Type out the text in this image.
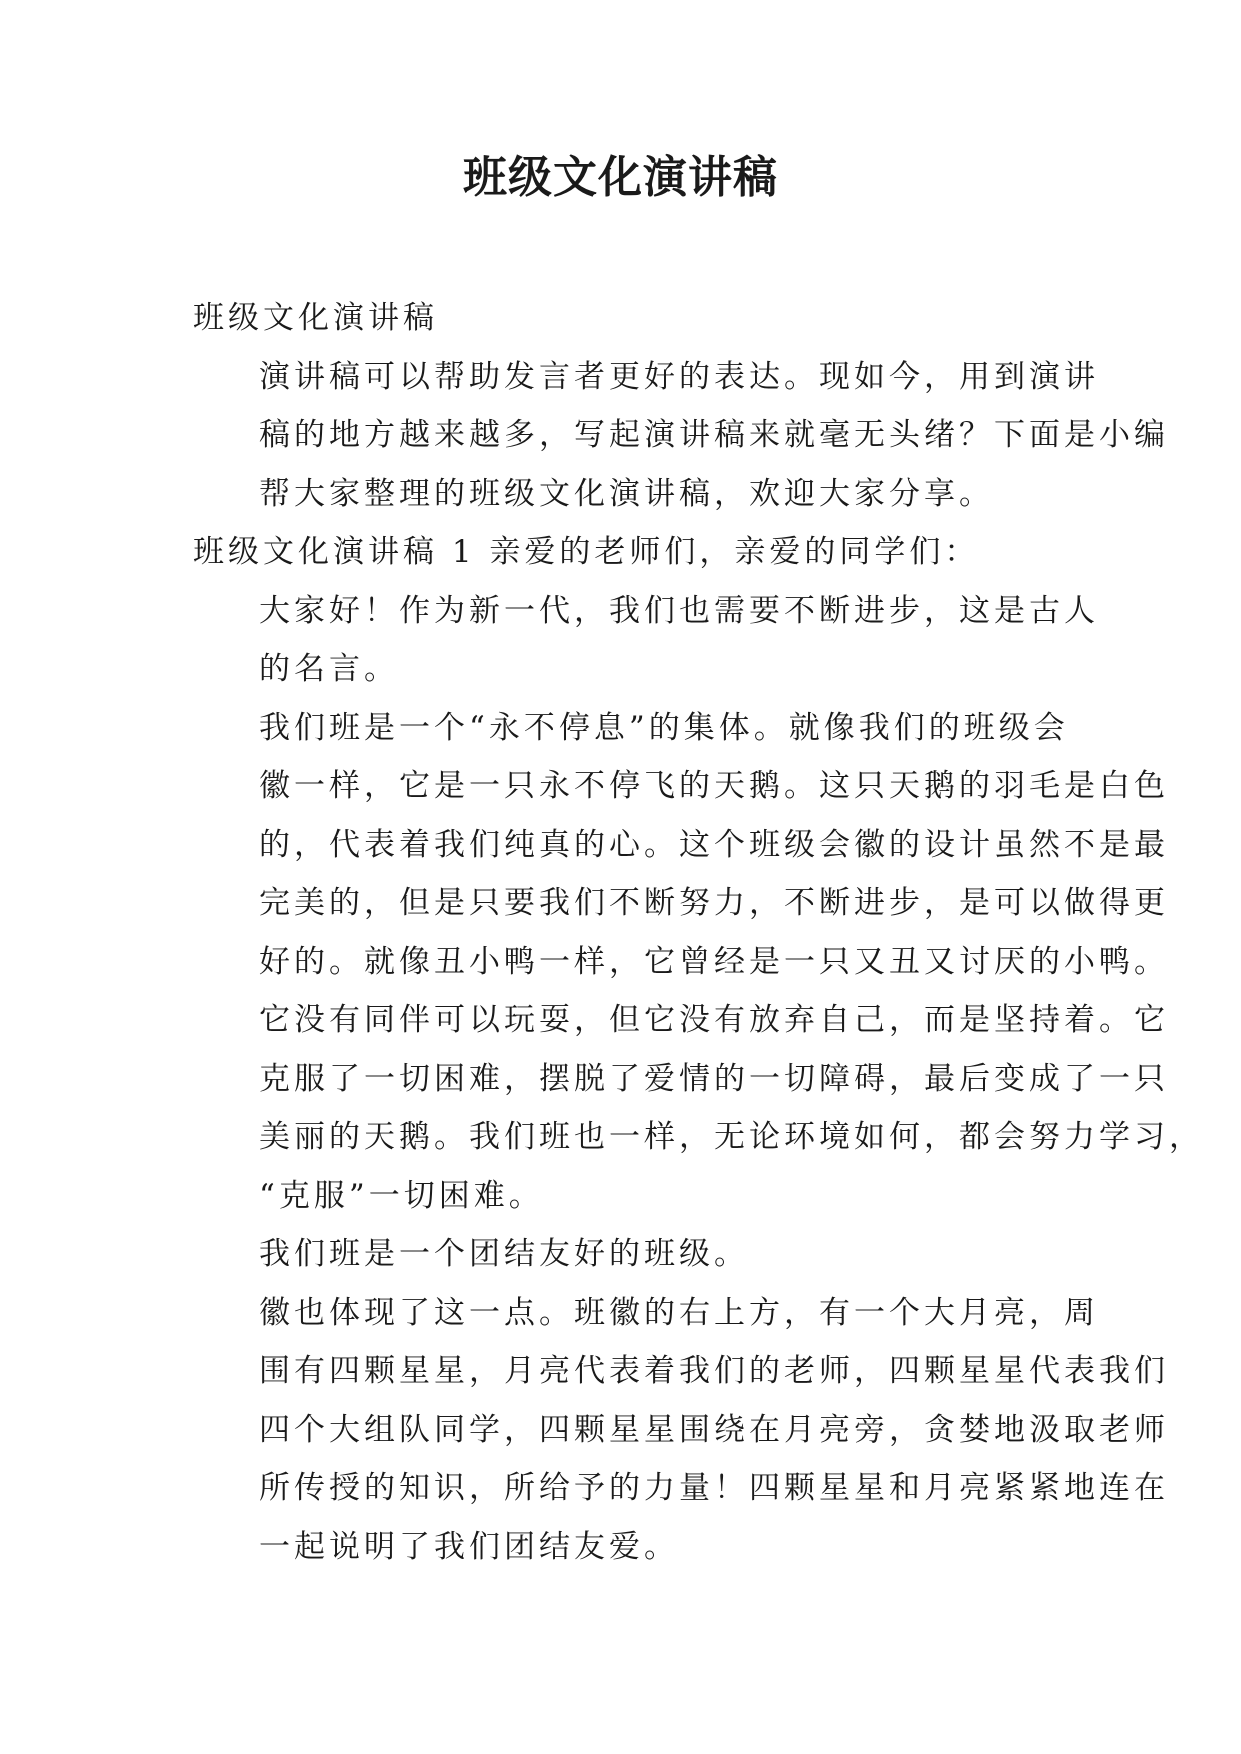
班级文化演讲稿

班级文化演讲稿

演讲稿可以帮助发言者更好的表达。现如今，用到演讲
稿的地方越来越多，写起演讲稿来就毫无头绪？下面是小编
帮大家整理的班级文化演讲稿，欢迎大家分享。

班级文化演讲稿 1 亲爱的老师们，亲爱的同学们：

大家好！作为新一代，我们也需要不断进步，这是古人
的名言。

我们班是一个“永不停息”的集体。就像我们的班级会
徽一样，它是一只永不停飞的天鹅。这只天鹅的羽毛是白色
的，代表着我们纯真的心。这个班级会徽的设计虽然不是最
完美的，但是只要我们不断努力，不断进步，是可以做得更
好的。就像丑小鸭一样，它曾经是一只又丑又讨厌的小鸭。
它没有同伴可以玩耍，但它没有放弃自己，而是坚持着。它
克服了一切困难，摆脱了爱情的一切障碍，最后变成了一只
美丽的天鹅。我们班也一样，无论环境如何，都会努力学习，
“克服”一切困难。

我们班是一个团结友好的班级。

徽也体现了这一点。班徽的右上方，有一个大月亮，周
围有四颗星星，月亮代表着我们的老师，四颗星星代表我们
四个大组队同学，四颗星星围绕在月亮旁，贪婪地汲取老师
所传授的知识，所给予的力量！四颗星星和月亮紧紧地连在
一起说明了我们团结友爱。
